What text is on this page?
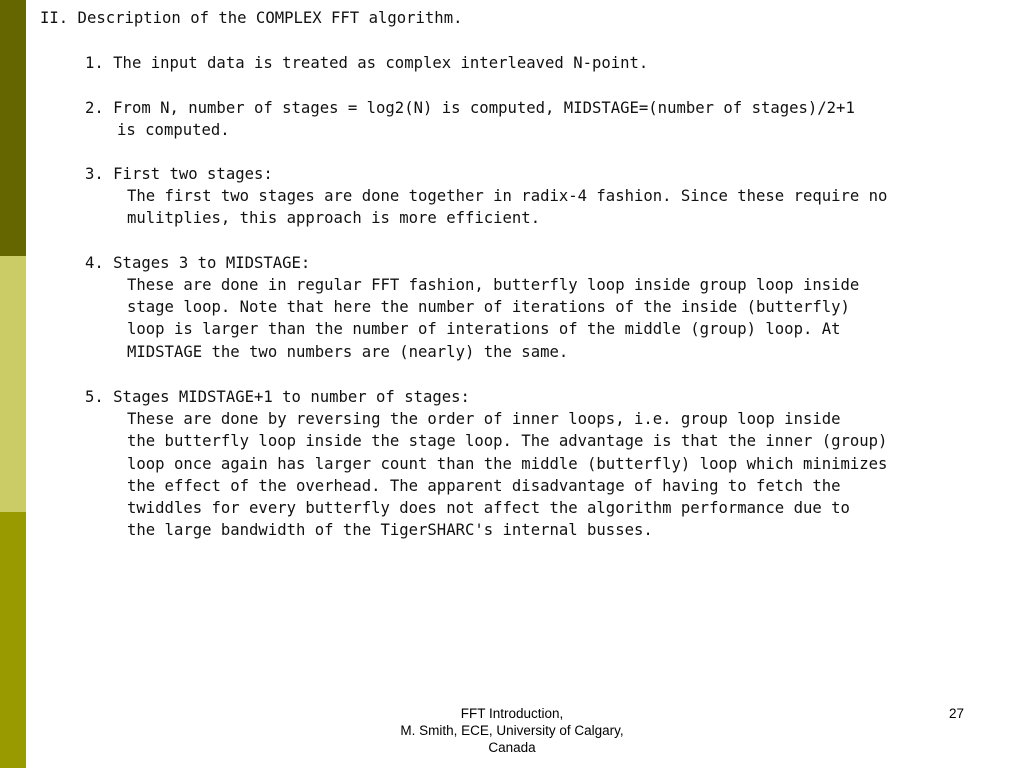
II. Description of the COMPLEX FFT algorithm.
1. The input data is treated as complex interleaved N-point.
2. From N, number of stages = log2(N) is computed, MIDSTAGE=(number of stages)/2+1
is computed.
3. First two stages:
The first two stages are done together in radix-4 fashion. Since these require no
mulitplies, this approach is more efficient.
4. Stages 3 to MIDSTAGE:
These are done in regular FFT fashion, butterfly loop inside group loop inside
stage loop. Note that here the number of iterations of the inside (butterfly)
loop is larger than the number of interations of the middle (group) loop. At
MIDSTAGE the two numbers are (nearly) the same.
5. Stages MIDSTAGE+1 to number of stages:
These are done by reversing the order of inner loops, i.e. group loop inside
the butterfly loop inside the stage loop. The advantage is that the inner (group)
loop once again has larger count than the middle (butterfly) loop which minimizes
the effect of the overhead. The apparent disadvantage of having to fetch the
twiddles for every butterfly does not affect the algorithm performance due to
the large bandwidth of the TigerSHARC's internal busses.
FFT Introduction,
M. Smith, ECE, University of Calgary,
Canada
27
